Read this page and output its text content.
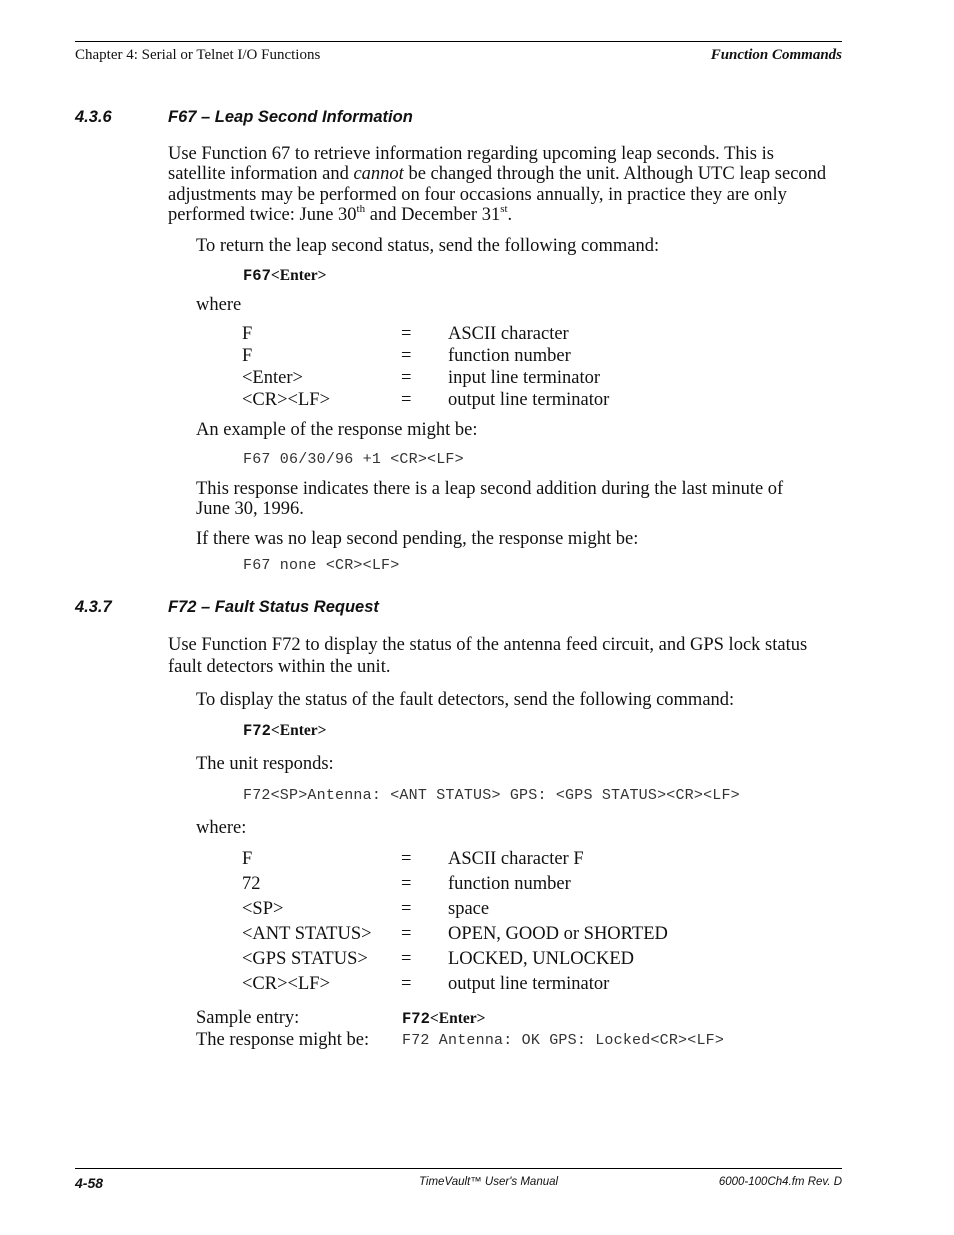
Chapter 4: Serial or Telnet I/O Functions	Function Commands
4.3.6	F67 – Leap Second Information
Use Function 67 to retrieve information regarding upcoming leap seconds. This is
satellite information and cannot be changed through the unit. Although UTC leap second
adjustments may be performed on four occasions annually, in practice they are only
performed twice: June 30th and December 31st.
To return the leap second status, send the following command:
F67<Enter>
where
F	= ASCII character
F	= function number
<Enter>	= input line terminator
<CR><LF>	= output line terminator
An example of the response might be:
F67 06/30/96 +1 <CR><LF>
This response indicates there is a leap second addition during the last minute of
June 30, 1996.
If there was no leap second pending, the response might be:
F67 none <CR><LF>
4.3.7	F72 – Fault Status Request
Use Function F72 to display the status of the antenna feed circuit, and GPS lock status
fault detectors within the unit.
To display the status of the fault detectors, send the following command:
F72<Enter>
The unit responds:
F72<SP>Antenna: <ANT STATUS> GPS: <GPS STATUS><CR><LF>
where:
F	= ASCII character F
72	= function number
<SP>	= space
<ANT STATUS> = OPEN, GOOD or SHORTED
<GPS STATUS> = LOCKED, UNLOCKED
<CR><LF>	= output line terminator
Sample entry:	F72<Enter>
The response might be: F72 Antenna: OK GPS: Locked<CR><LF>
4-58	TimeVault™ User's Manual	6000-100Ch4.fm Rev. D
